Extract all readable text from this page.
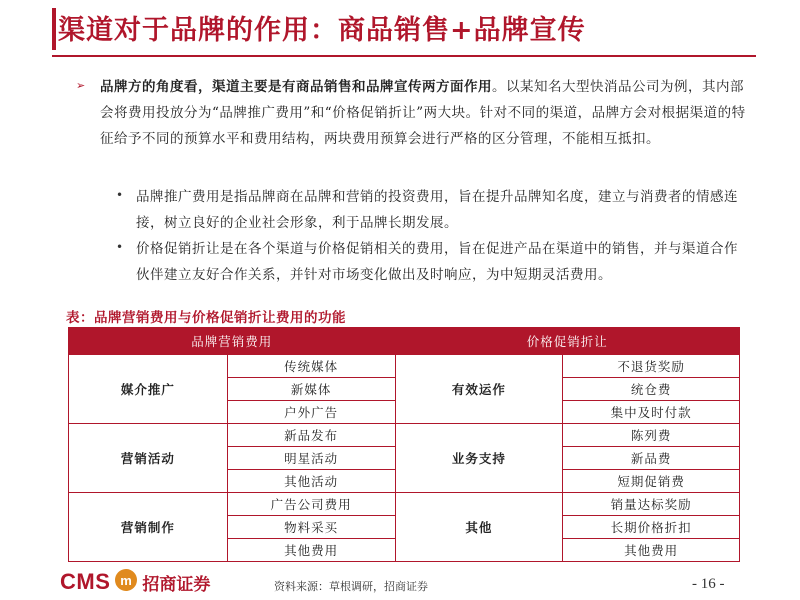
渠道对于品牌的作用：商品销售+品牌宣传
➢ 品牌方的角度看，渠道主要是有商品销售和品牌宣传两方面作用。以某知名大型快消品公司为例，其内部会将费用投放分为“品牌推广费用”和“价格促销折让”两大块。针对不同的渠道，品牌方会对根据渠道的特征给予不同的预算水平和费用结构，两块费用预算会进行严格的区分管理，不能相互抵扣。
• 品牌推广费用是指品牌商在品牌和营销的投资费用，旨在提升品牌知名度，建立与消费者的情感连接，树立良好的企业社会形象，利于品牌长期发展。
• 价格促销折让是在各个渠道与价格促销相关的费用，旨在促进产品在渠道中的销售，并与渠道合作伙伴建立友好合作关系，并针对市场变化做出及时响应，为中短期灵活费用。
表：品牌营销费用与价格促销折让费用的功能
品牌营销费用		价格促销折让	
媒介推广	传统媒体	有效运作	不退货奖励
	新媒体		统仓费
	户外广告		集中及时付款
营销活动	新品发布	业务支持	陈列费
	明星活动		新品费
	其他活动		短期促销费
营销制作	广告公司费用	其他	销量达标奖励
	物料采买		长期价格折扣
	其他费用		其他费用
CMS m 招商证券	资料来源：草根调研，招商证券	- 16 -
